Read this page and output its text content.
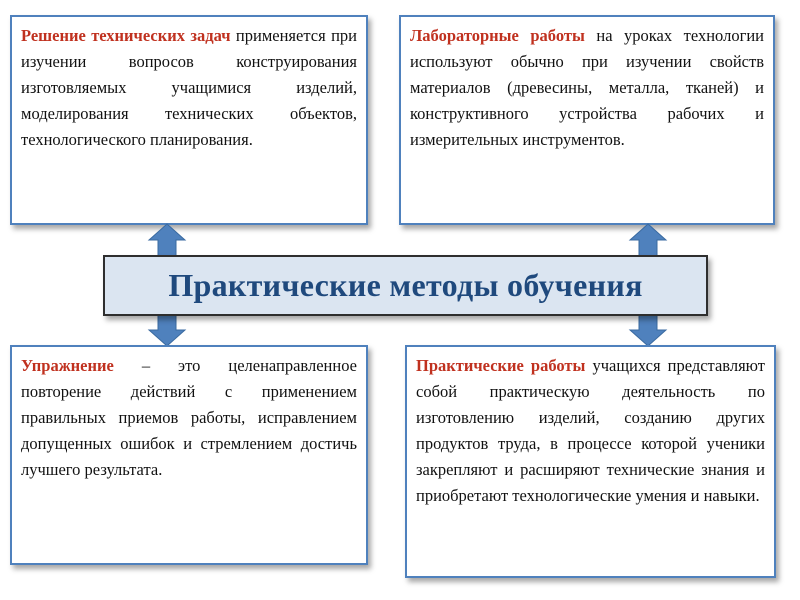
Решение технических задач применяется при изучении вопросов конструирования изготовляемых учащимися изделий, моделирования технических объектов, технологического планирования.
Лабораторные работы на уроках технологии используют обычно при изучении свойств материалов (древесины, металла, тканей) и конструктивного устройства рабочих и измерительных инструментов.
Практические методы обучения
Упражнение – это целенаправленное повторение действий с применением правильных приемов работы, исправлением допущенных ошибок и стремлением достичь лучшего результата.
Практические работы учащихся представляют собой практическую деятельность по изготовлению изделий, созданию других продуктов труда, в процессе которой ученики закрепляют и расширяют технические знания и приобретают технологические умения и навыки.
